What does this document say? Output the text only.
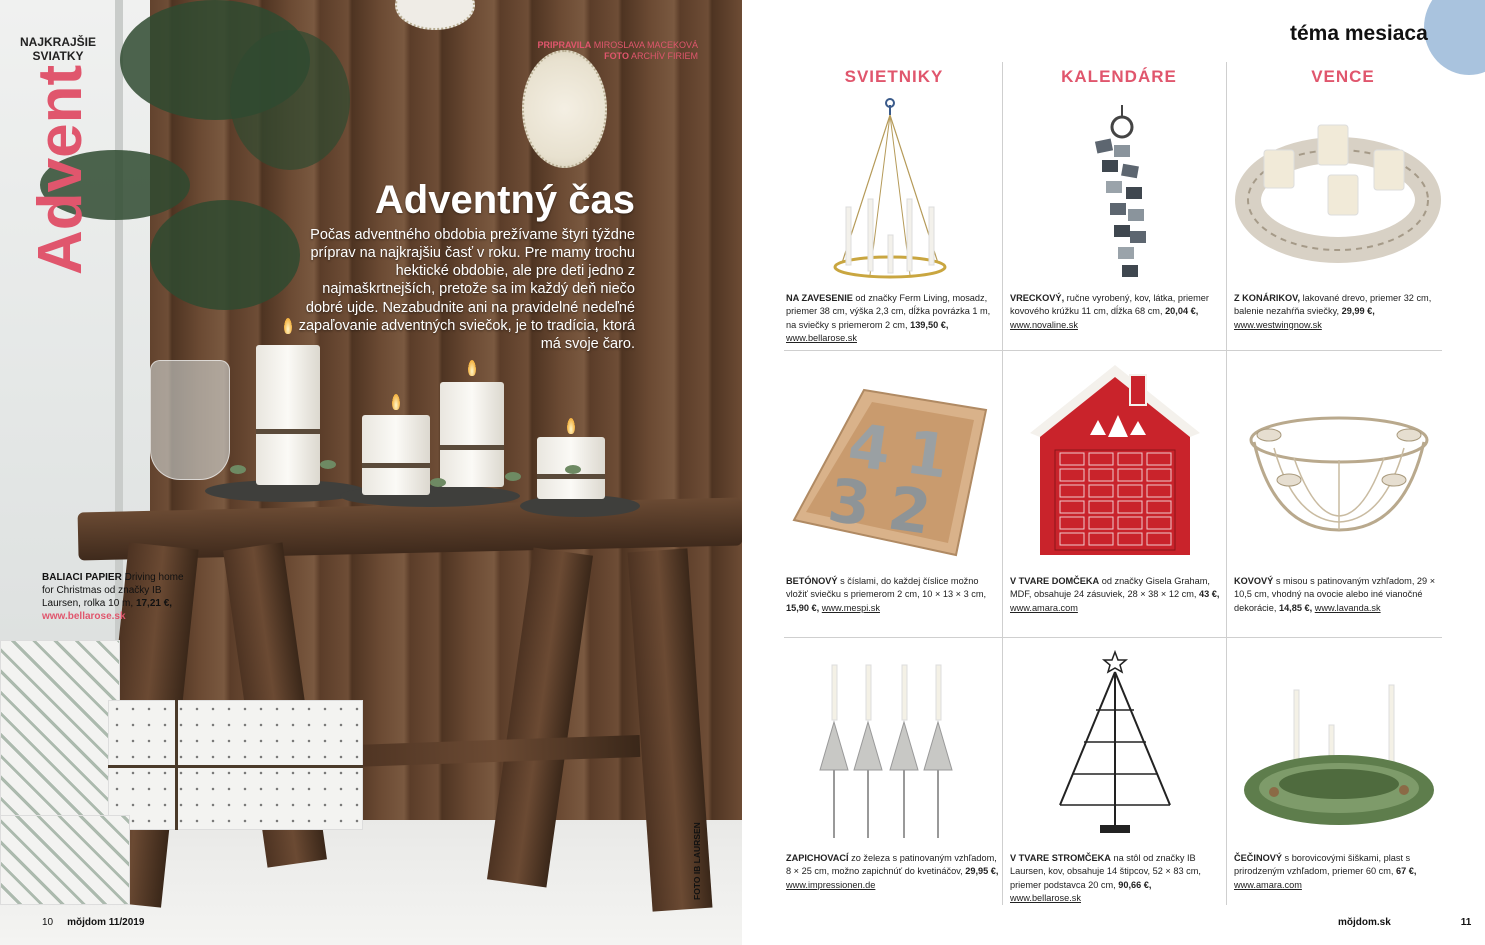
NAJKRAJŠIE
SVIATKY
Advent
PRIPRAVILA MIROSLAVA MACEKOVÁ
FOTO ARCHÍV FIRIEM
Adventný čas
Počas adventného obdobia prežívame štyri týždne príprav na najkrajšiu časť v roku. Pre mamy trochu hektické obdobie, ale pre deti jedno z najmaškrtnejších, pretože sa im každý deň niečo dobré ujde. Nezabudnite ani na pravidelné nedeľné zapaľovanie adventných sviečok, je to tradícia, ktorá má svoje čaro.
BALIACI PAPIER Driving home for Christmas od značky IB Laursen, rolka 10 m, 17,21 €, www.bellarose.sk
FOTO IB LAURSEN
10 mŏjdom 11/2019
téma mesiaca
SVIETNIKY	KALENDÁRE	VENCE
NA ZAVESENIE od značky Ferm Living, mosadz, priemer 38 cm, výška 2,3 cm, dĺžka povrázka 1 m, na sviečky s priemerom 2 cm, 139,50 €, www.bellarose.sk
VRECKOVÝ, ručne vyrobený, kov, látka, priemer kovového krúžku 11 cm, dĺžka 68 cm, 20,04 €, www.novaline.sk
Z KONÁRIKOV, lakované drevo, priemer 32 cm, balenie nezahŕňa sviečky, 29,99 €, www.westwingnow.sk
4 1
3 2
BETÓNOVÝ s číslami, do každej číslice možno vložiť sviečku s priemerom 2 cm, 10 × 13 × 3 cm, 15,90 €, www.mespi.sk
V TVARE DOMČEKA od značky Gisela Graham, MDF, obsahuje 24 zásuviek, 28 × 38 × 12 cm, 43 €, www.amara.com
KOVOVÝ s misou s patinovaným vzhľadom, 29 × 10,5 cm, vhodný na ovocie alebo iné vianočné dekorácie, 14,85 €, www.lavanda.sk
ZAPICHOVACÍ zo železa s patinovaným vzhľadom, 8 × 25 cm, možno zapichnúť do kvetináčov, 29,95 €, www.impressionen.de
V TVARE STROMČEKA na stôl od značky IB Laursen, kov, obsahuje 14 štipcov, 52 × 83 cm, priemer podstavca 20 cm, 90,66 €, www.bellarose.sk
ČEČINOVÝ s borovicovými šiškami, plast s prirodzeným vzhľadom, priemer 60 cm, 67 €, www.amara.com
mŏjdom.sk	11
